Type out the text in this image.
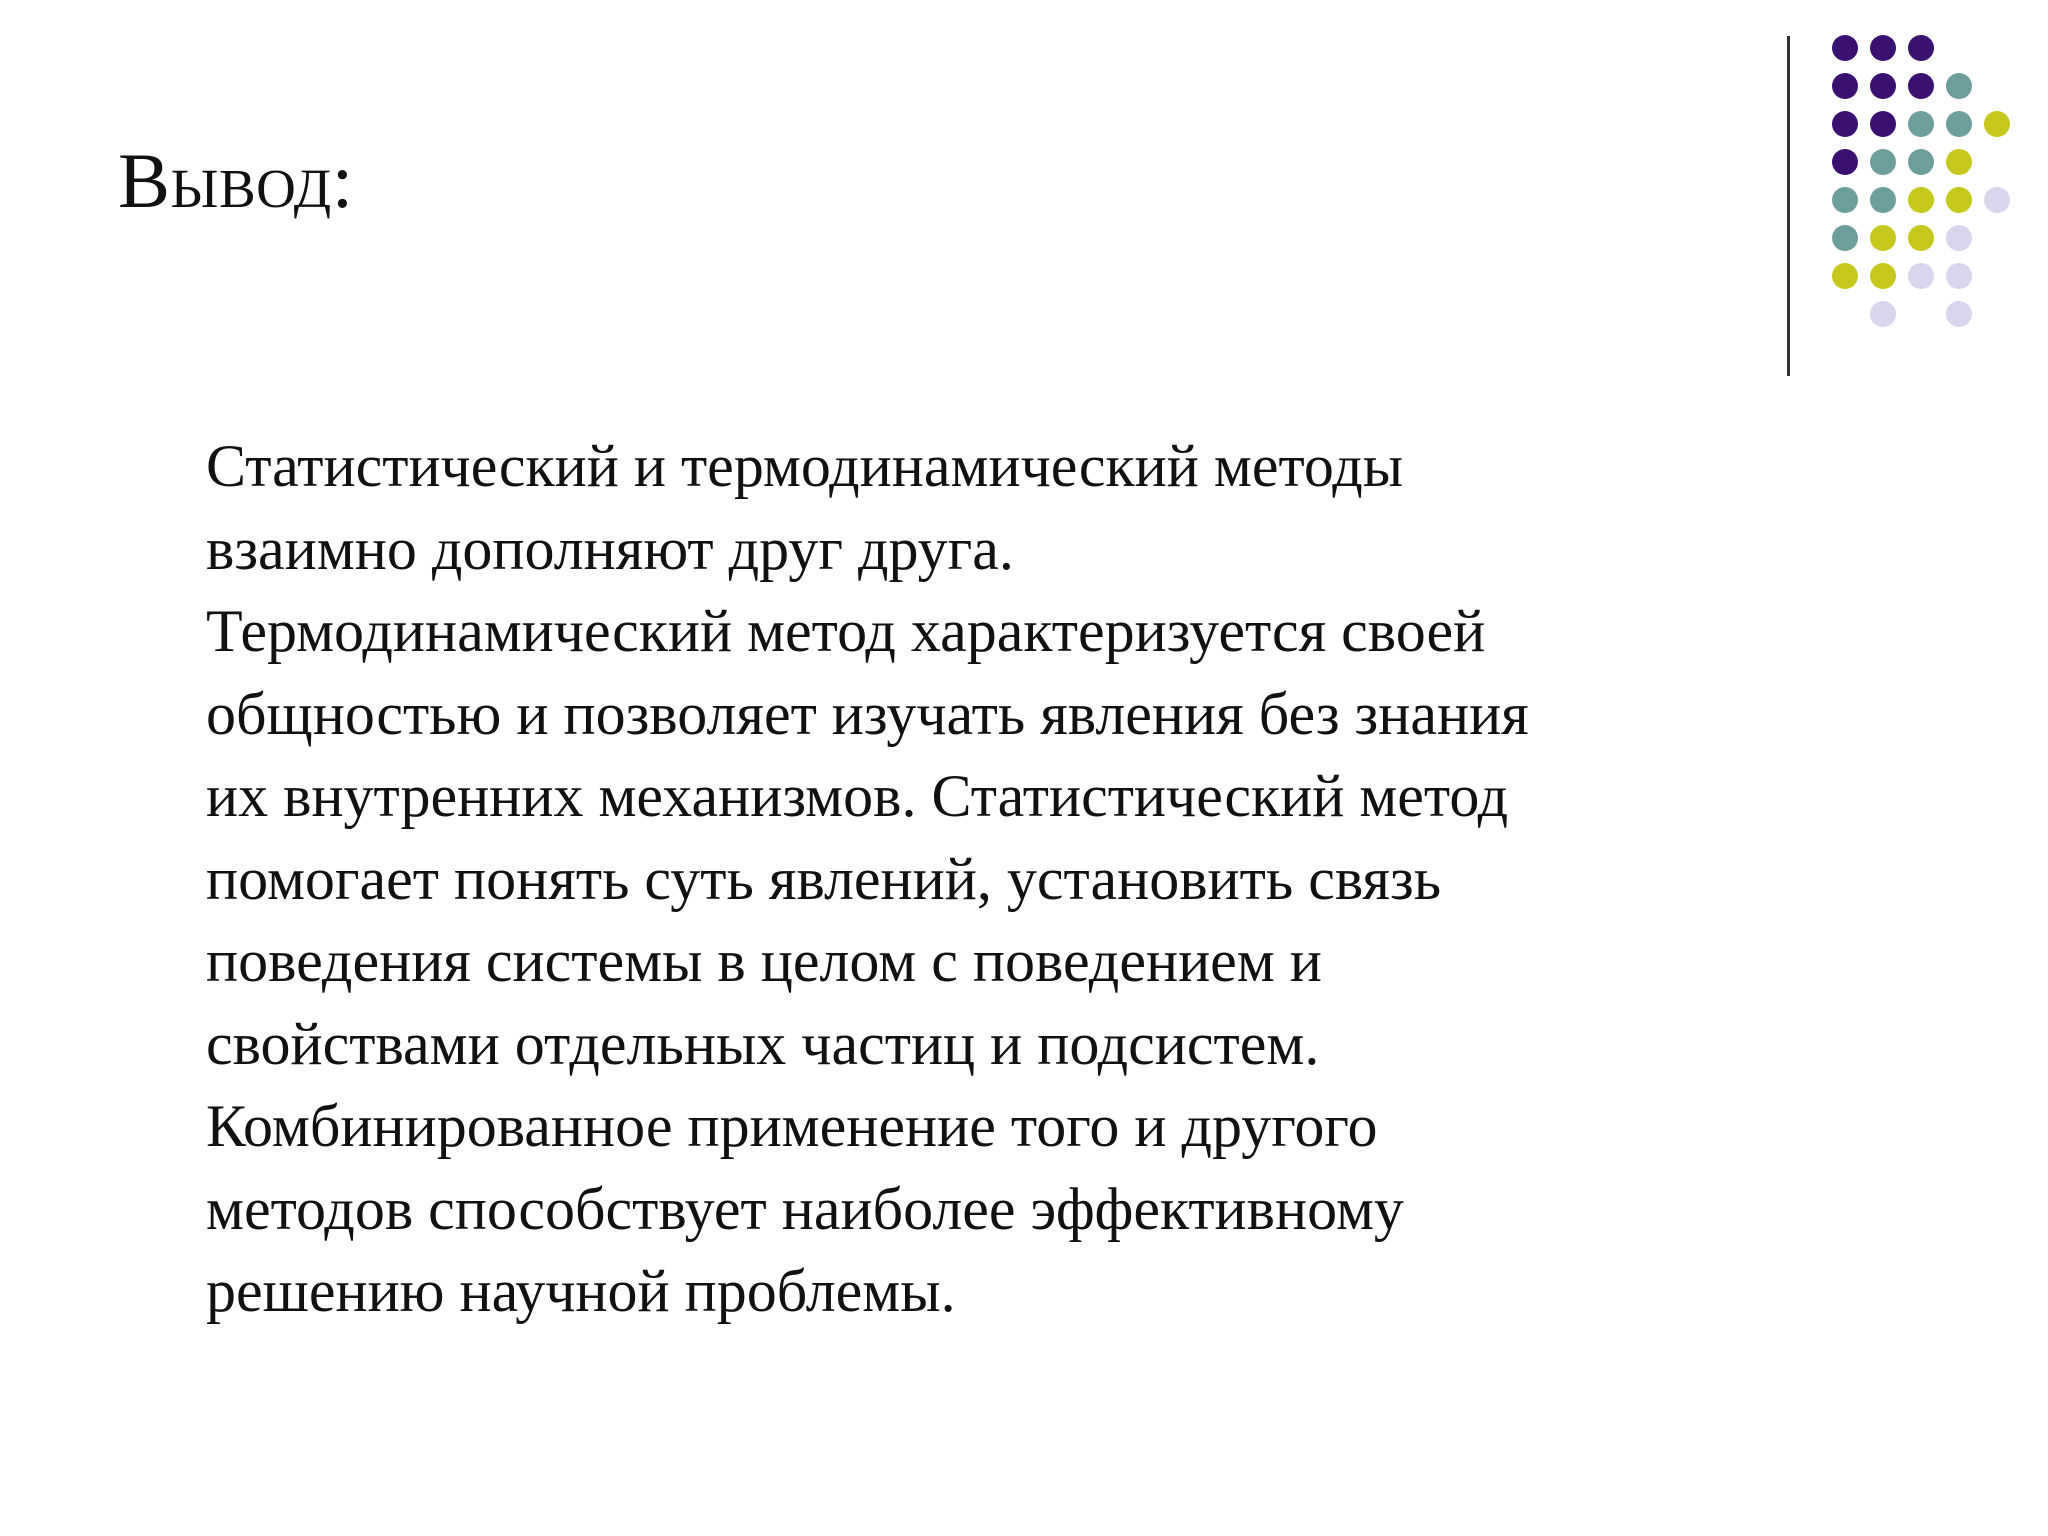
Вывод:
Статистический и термодинамический методы
взаимно дополняют друг друга.
Термодинамический метод характеризуется своей
общностью и позволяет изучать явления без знания
их внутренних механизмов. Статистический метод
помогает понять суть явлений, установить связь
поведения системы в целом с поведением и
свойствами отдельных частиц и подсистем.
Комбинированное применение того и другого
методов способствует наиболее эффективному
решению научной проблемы.
